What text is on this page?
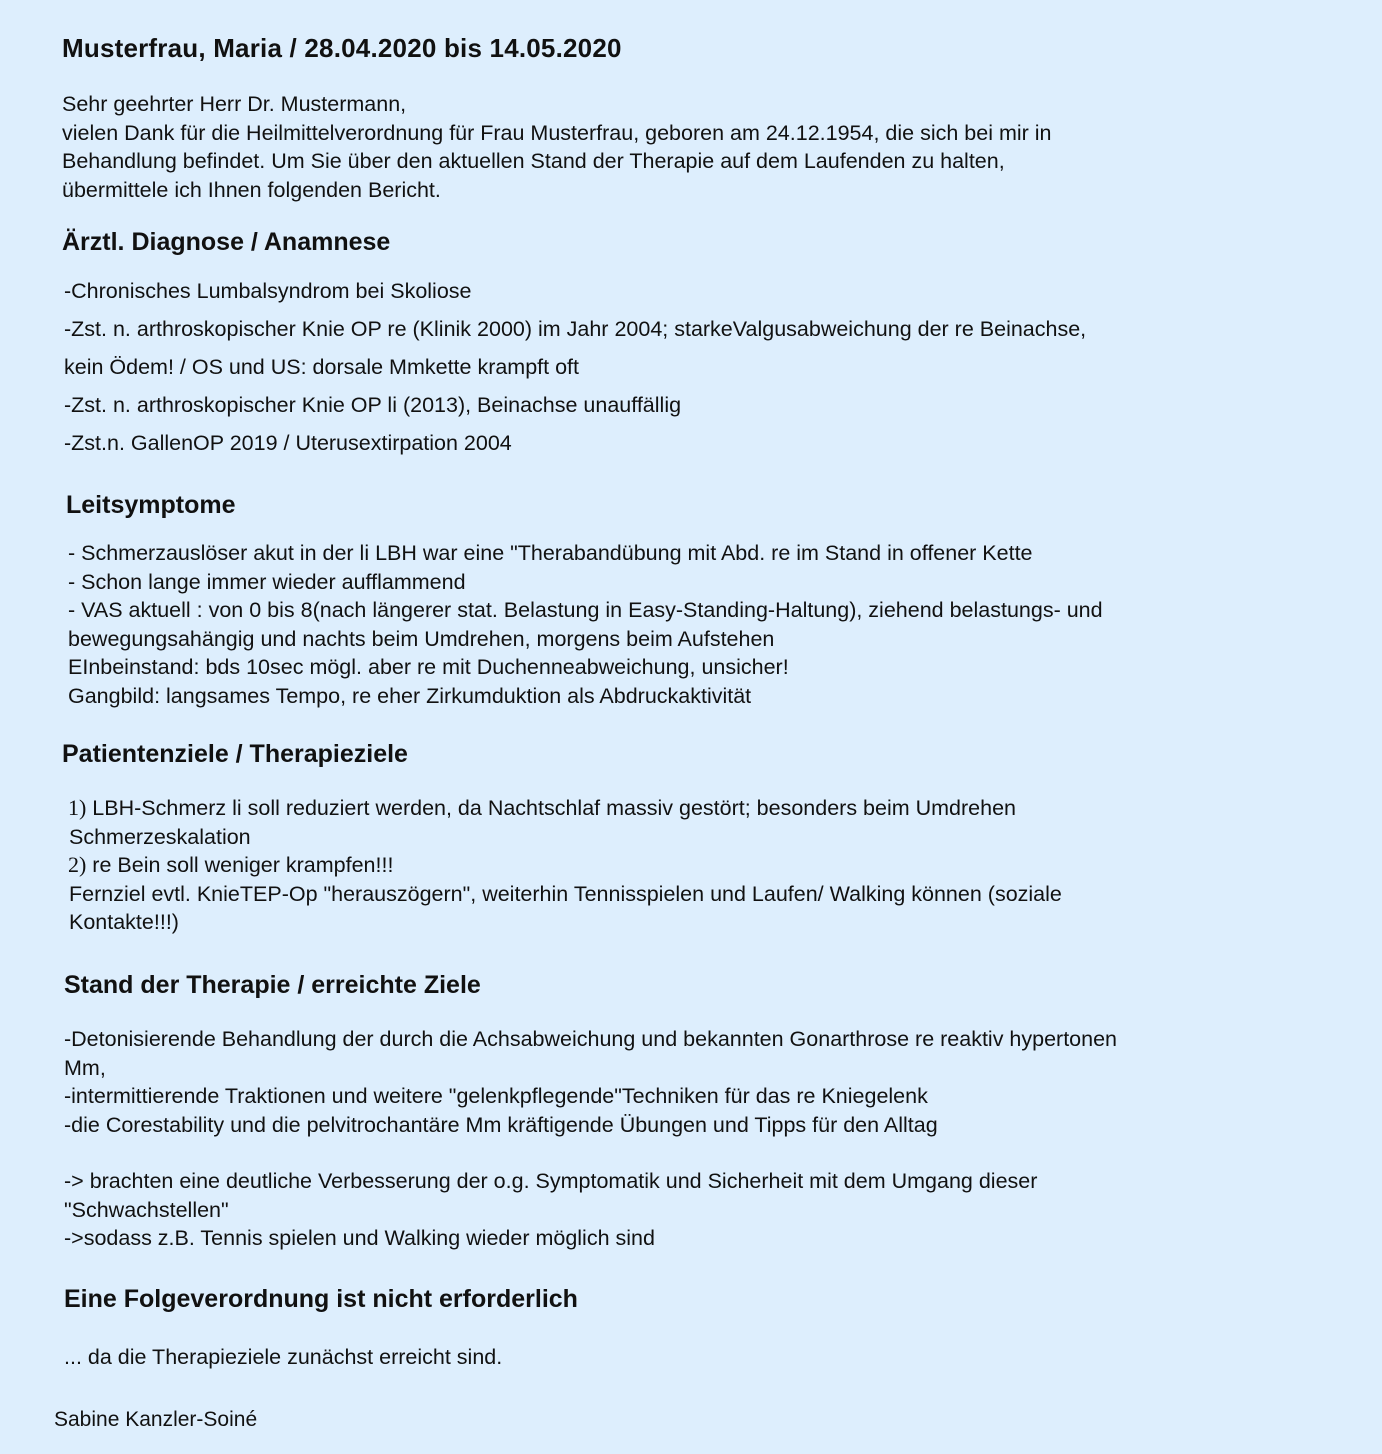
Musterfrau, Maria / 28.04.2020 bis 14.05.2020
Sehr geehrter Herr Dr. Mustermann,
vielen Dank für die Heilmittelverordnung für Frau Musterfrau, geboren am 24.12.1954, die sich bei mir in
Behandlung befindet. Um Sie über den aktuellen Stand der Therapie auf dem Laufenden zu halten,
übermittele ich Ihnen folgenden Bericht.
Ärztl. Diagnose / Anamnese
-Chronisches Lumbalsyndrom bei Skoliose
-Zst. n. arthroskopischer Knie OP re (Klinik 2000) im Jahr 2004; starkeValgusabweichung der re Beinachse,
kein Ödem! / OS und US: dorsale Mmkette krampft oft
-Zst. n. arthroskopischer Knie OP li (2013), Beinachse unauffällig
-Zst.n. GallenOP 2019 / Uterusextirpation 2004
Leitsymptome
- Schmerzauslöser akut in der li LBH war eine "Therabandübung mit Abd. re im Stand in offener Kette
- Schon lange immer wieder aufflammend
- VAS aktuell : von 0 bis 8(nach längerer stat. Belastung in Easy-Standing-Haltung), ziehend belastungs- und
bewegungsahängig und nachts beim Umdrehen, morgens beim Aufstehen
EInbeinstand: bds 10sec mögl. aber re mit Duchenneabweichung, unsicher!
Gangbild: langsames Tempo, re eher Zirkumduktion als Abdruckaktivität
Patientenziele / Therapieziele
1) LBH-Schmerz li soll reduziert werden, da Nachtschlaf massiv gestört; besonders beim Umdrehen
Schmerzeskalation
2) re Bein soll weniger krampfen!!!
Fernziel evtl. KnieTEP-Op "herauszögern", weiterhin Tennisspielen und Laufen/ Walking können (soziale
Kontakte!!!)
Stand der Therapie / erreichte Ziele
-Detonisierende Behandlung der durch die Achsabweichung und bekannten Gonarthrose re reaktiv hypertonen
Mm,
-intermittierende Traktionen und weitere "gelenkpflegende"Techniken für das re Kniegelenk
-die Corestability und die pelvitrochantäre Mm kräftigende Übungen und Tipps für den Alltag
-> brachten eine deutliche Verbesserung der o.g. Symptomatik und Sicherheit mit dem Umgang dieser
"Schwachstellen"
->sodass z.B. Tennis spielen und Walking wieder möglich sind
Eine Folgeverordnung ist nicht erforderlich
... da die Therapieziele zunächst erreicht sind.
Sabine Kanzler-Soiné
